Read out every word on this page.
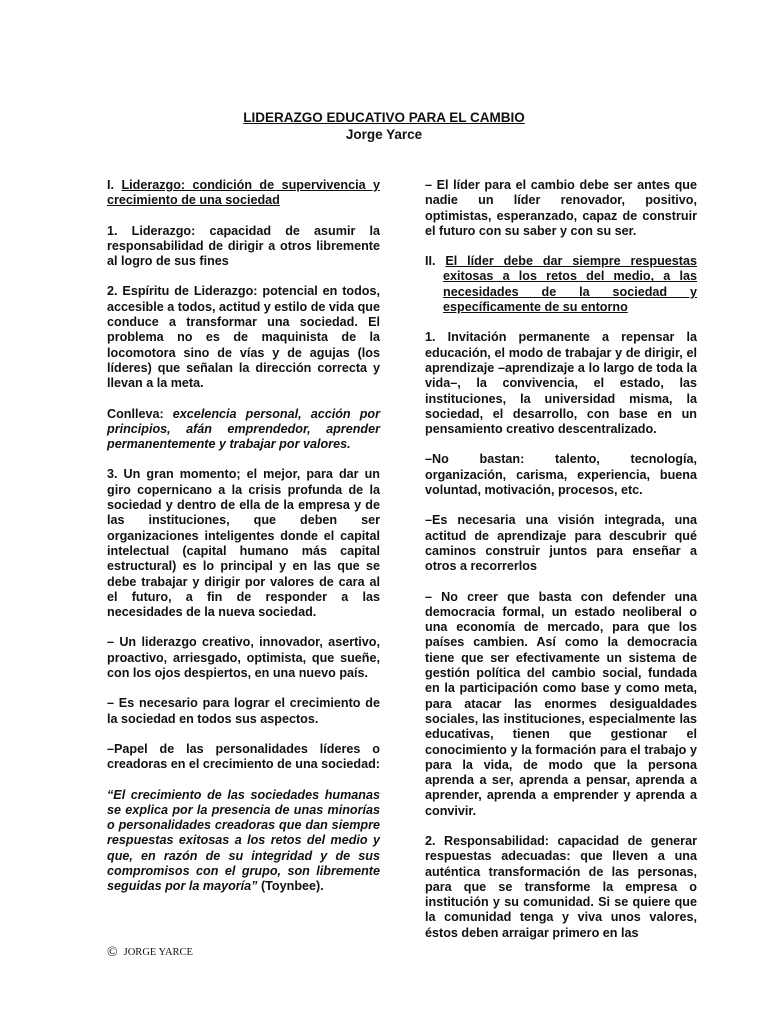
LIDERAZGO EDUCATIVO PARA EL CAMBIO
Jorge Yarce

I. Liderazgo: condición de supervivencia y crecimiento de una sociedad

1. Liderazgo: capacidad de asumir la responsabilidad de dirigir a otros libremente al logro de sus fines

2. Espíritu de Liderazgo: potencial en todos, accesible a todos, actitud y estilo de vida que conduce a transformar una sociedad. El problema no es de maquinista de la locomotora sino de vías y de agujas (los líderes) que señalan la dirección correcta y llevan a la meta.

Conlleva: excelencia personal, acción por principios, afán emprendedor, aprender permanentemente y trabajar por valores.

3. Un gran momento; el mejor, para dar un giro copernicano a la crisis profunda de la sociedad y dentro de ella de la empresa y de las instituciones, que deben ser organizaciones inteligentes donde el capital intelectual (capital humano más capital estructural) es lo principal y en las que se debe trabajar y dirigir por valores de cara al el futuro, a fin de responder a las necesidades de la nueva sociedad.

– Un liderazgo creativo, innovador, asertivo, proactivo, arriesgado, optimista, que sueñe, con los ojos despiertos, en una nuevo país.

– Es necesario para lograr el crecimiento de la sociedad en todos sus aspectos.

–Papel de las personalidades líderes o creadoras en el crecimiento de una sociedad:

“El crecimiento de las sociedades humanas se explica por la presencia de unas minorías o personalidades creadoras que dan siempre respuestas exitosas a los retos del medio y que, en razón de su integridad y de sus compromisos con el grupo, son libremente seguidas por la mayoría” (Toynbee).

– El líder para el cambio debe ser antes que nadie un líder renovador, positivo, optimistas, esperanzado, capaz de construir el futuro con su saber y con su ser.

II. El líder debe dar siempre respuestas exitosas a los retos del medio, a las necesidades de la sociedad y específicamente de su entorno

1. Invitación permanente a repensar la educación, el modo de trabajar y de dirigir, el aprendizaje –aprendizaje a lo largo de toda la vida–, la convivencia, el estado, las instituciones, la universidad misma, la sociedad, el desarrollo, con base en un pensamiento creativo descentralizado.

–No bastan: talento, tecnología, organización, carisma, experiencia, buena voluntad, motivación, procesos, etc.

–Es necesaria una visión integrada, una actitud de aprendizaje para descubrir qué caminos construir juntos para enseñar a otros a recorrerlos

– No creer que basta con defender una democracia formal, un estado neoliberal o una economía de mercado, para que los países cambien. Así como la democracia tiene que ser efectivamente un sistema de gestión política del cambio social, fundada en la participación como base y como meta, para atacar las enormes desigualdades sociales, las instituciones, especialmente las educativas, tienen que gestionar el conocimiento y la formación para el trabajo y para la vida, de modo que la persona aprenda a ser, aprenda a pensar, aprenda a aprender, aprenda a emprender y aprenda a convivir.

2. Responsabilidad: capacidad de generar respuestas adecuadas: que lleven a una auténtica transformación de las personas, para que se transforme la empresa o institución y su comunidad. Si se quiere que la comunidad tenga y viva unos valores, éstos deben arraigar primero en las

© JORGE YARCE
